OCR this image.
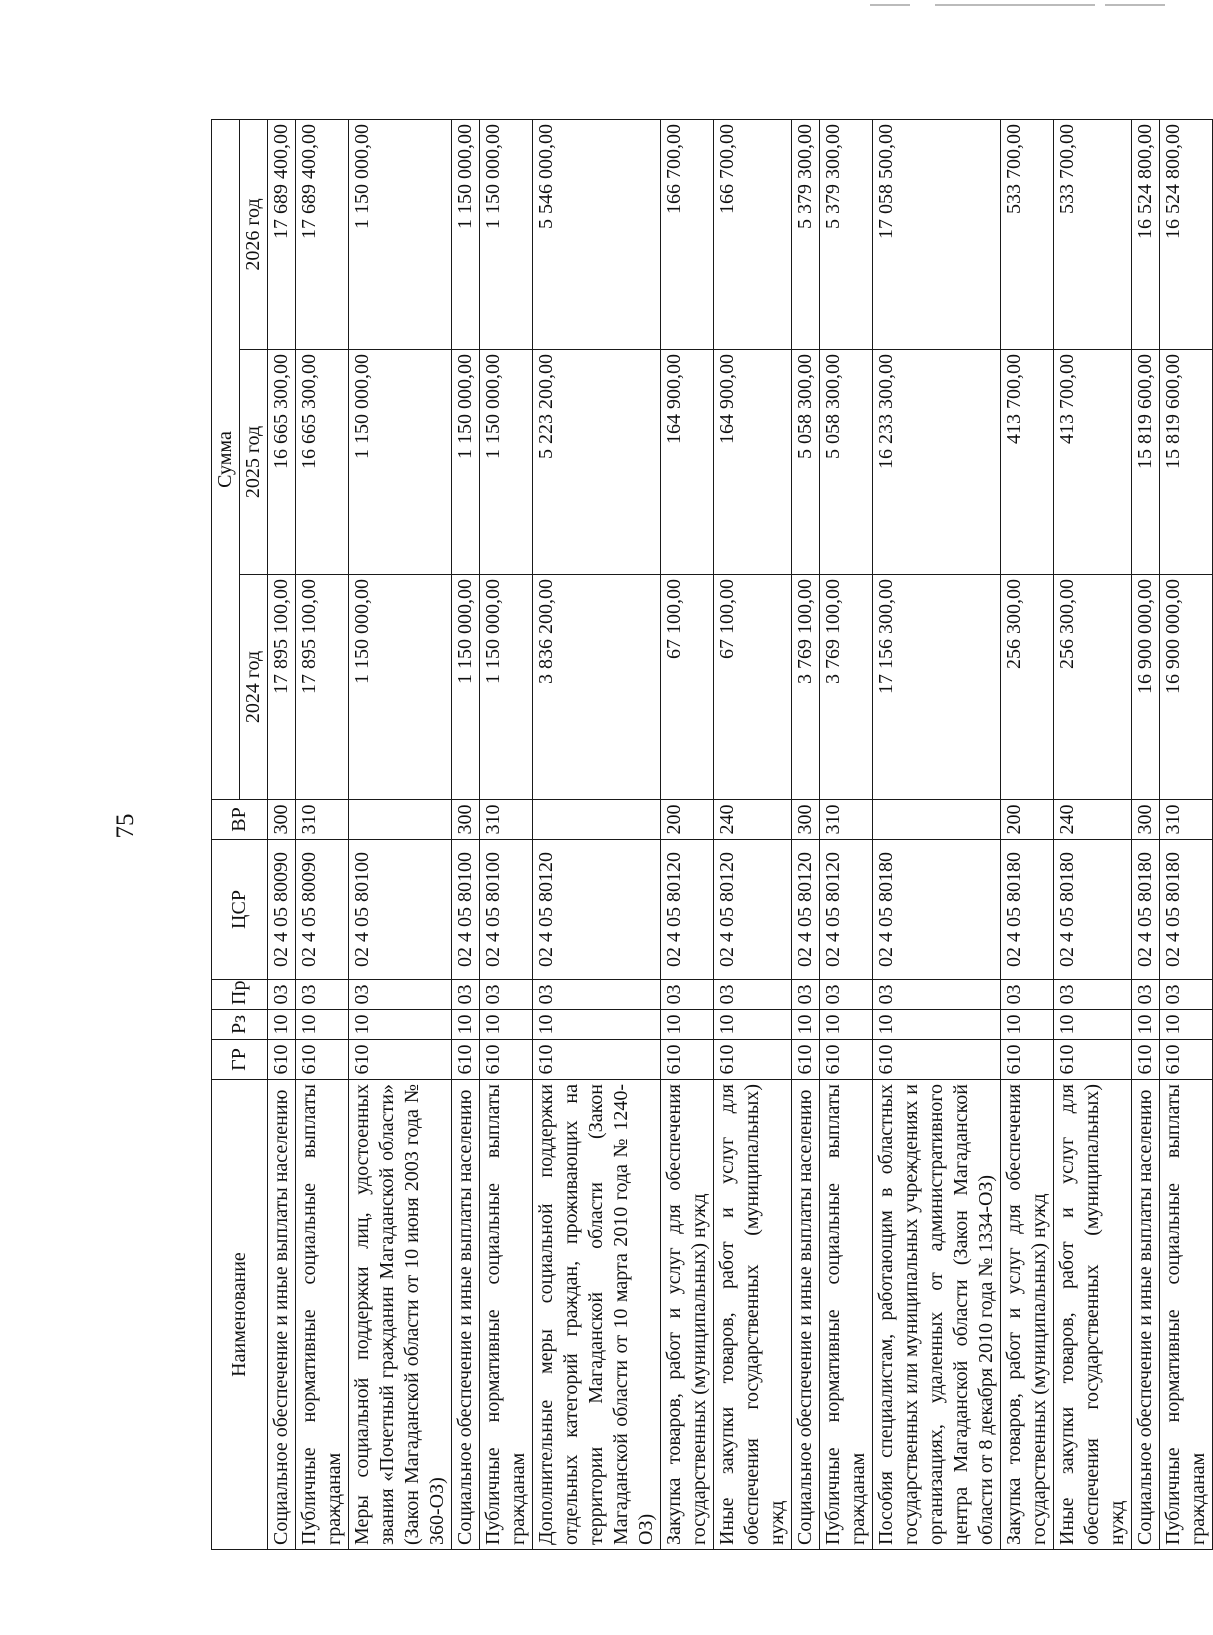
75
Наименование	ГР	Рз	Пр	ЦСР	ВР	Сумма		
						2024 год	2025 год	2026 год
Социальное обеспечение и иные выплаты населению	610	10	03	02 4 05 80090	300	17 895 100,00	16 665 300,00	17 689 400,00
Публичные нормативные социальные выплаты гражданам	610	10	03	02 4 05 80090	310	17 895 100,00	16 665 300,00	17 689 400,00
Меры социальной поддержки лиц, удостоенных звания «Почетный гражданин Магаданской области» (Закон Магаданской области от 10 июня 2003 года № 360-ОЗ)	610	10	03	02 4 05 80100		1 150 000,00	1 150 000,00	1 150 000,00
Социальное обеспечение и иные выплаты населению	610	10	03	02 4 05 80100	300	1 150 000,00	1 150 000,00	1 150 000,00
Публичные нормативные социальные выплаты гражданам	610	10	03	02 4 05 80100	310	1 150 000,00	1 150 000,00	1 150 000,00
Дополнительные меры социальной поддержки отдельных категорий граждан, проживающих на территории Магаданской области (Закон Магаданской области от 10 марта 2010 года № 1240-ОЗ)	610	10	03	02 4 05 80120		3 836 200,00	5 223 200,00	5 546 000,00
Закупка товаров, работ и услуг для обеспечения государственных (муниципальных) нужд	610	10	03	02 4 05 80120	200	67 100,00	164 900,00	166 700,00
Иные закупки товаров, работ и услуг для обеспечения государственных (муниципальных) нужд	610	10	03	02 4 05 80120	240	67 100,00	164 900,00	166 700,00
Социальное обеспечение и иные выплаты населению	610	10	03	02 4 05 80120	300	3 769 100,00	5 058 300,00	5 379 300,00
Публичные нормативные социальные выплаты гражданам	610	10	03	02 4 05 80120	310	3 769 100,00	5 058 300,00	5 379 300,00
Пособия специалистам, работающим в областных государственных или муниципальных учреждениях и организациях, удаленных от административного центра Магаданской области (Закон Магаданской области от 8 декабря 2010 года № 1334-ОЗ)	610	10	03	02 4 05 80180		17 156 300,00	16 233 300,00	17 058 500,00
Закупка товаров, работ и услуг для обеспечения государственных (муниципальных) нужд	610	10	03	02 4 05 80180	200	256 300,00	413 700,00	533 700,00
Иные закупки товаров, работ и услуг для обеспечения государственных (муниципальных) нужд	610	10	03	02 4 05 80180	240	256 300,00	413 700,00	533 700,00
Социальное обеспечение и иные выплаты населению	610	10	03	02 4 05 80180	300	16 900 000,00	15 819 600,00	16 524 800,00
Публичные нормативные социальные выплаты гражданам	610	10	03	02 4 05 80180	310	16 900 000,00	15 819 600,00	16 524 800,00
